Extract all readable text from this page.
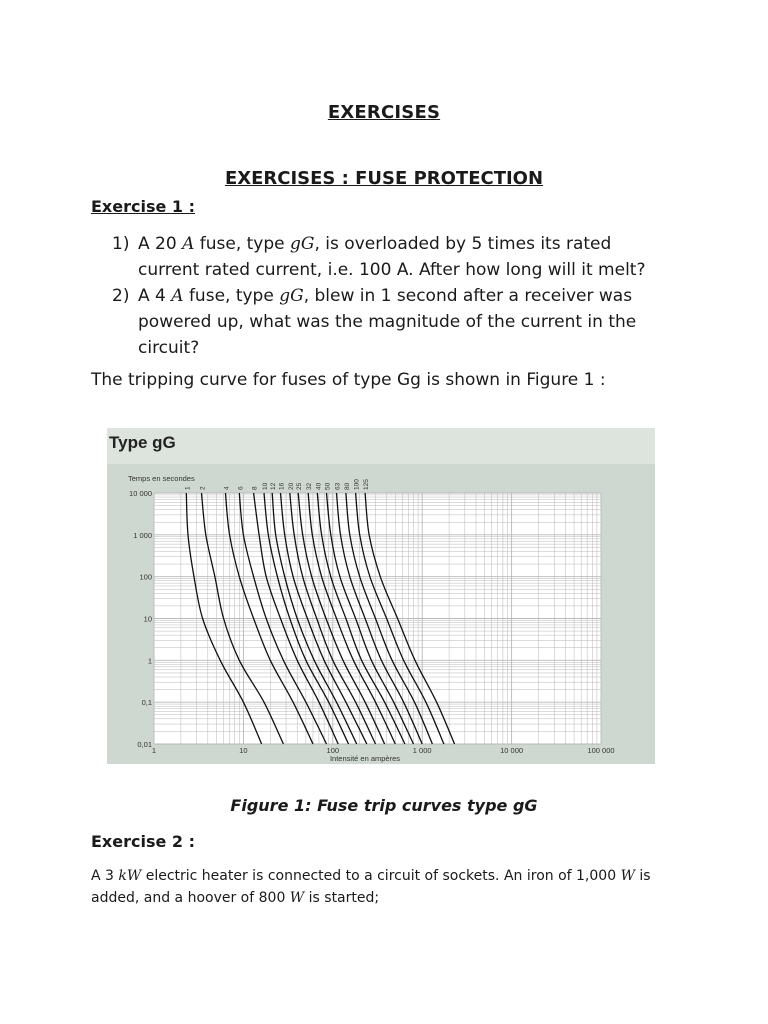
EXERCISES
EXERCISES : FUSE PROTECTION
Exercise 1 :
1) A 20 A fuse, type gG, is overloaded by 5 times its rated current rated current, i.e. 100 A. After how long will it melt?
2) A 4 A fuse, type gG, blew in 1 second after a receiver was powered up, what was the magnitude of the current in the circuit?
The tripping curve for fuses of type Gg is shown in Figure 1 :
Type gG
Temps en secondes
Intensité en ampères
10 000
1 000
100
10
1
0,1
0,01
1	10	100	1 000	10 000	100 000
1 2	4 6 8 10 12 16 20 25 32 40 50 63 80 100 125
Figure 1: Fuse trip curves type gG
Exercise 2 :
A 3 kW electric heater is connected to a circuit of sockets. An iron of 1,000 W is added, and a hoover of 800 W is started;
